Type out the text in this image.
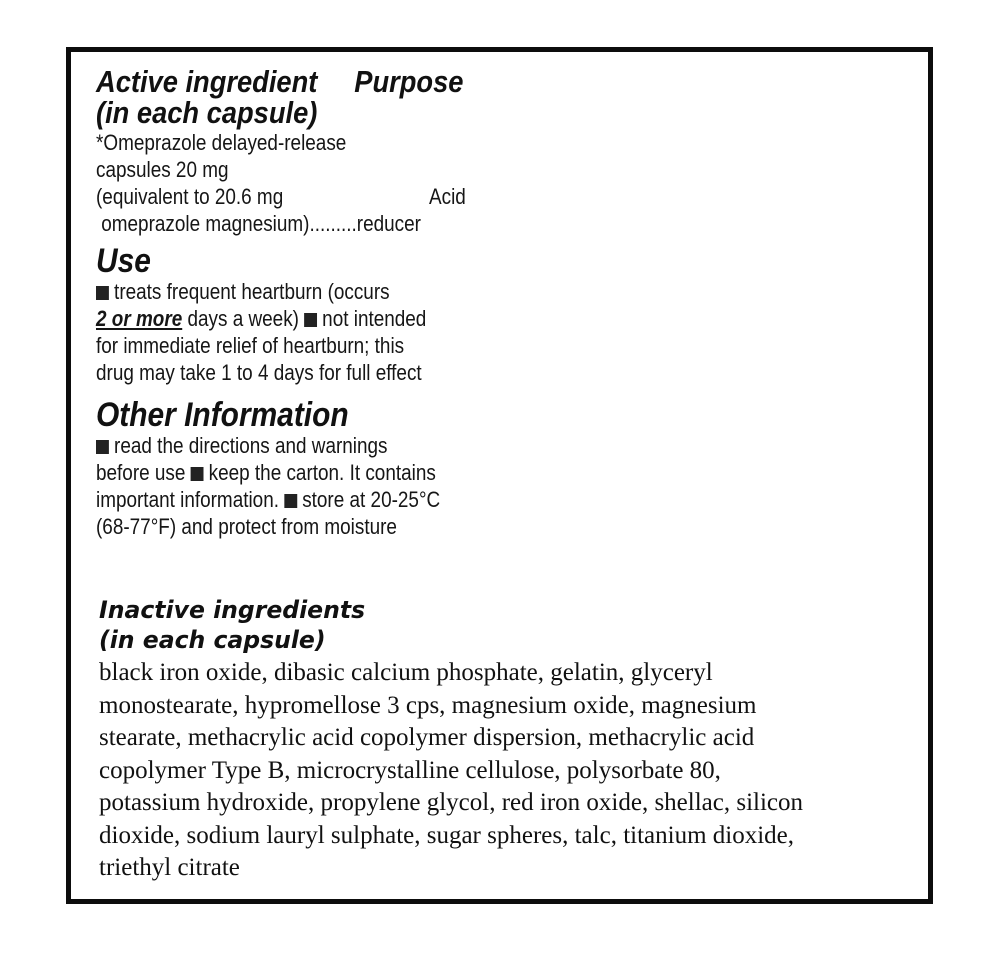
Active ingredient Purpose
(in each capsule)
*Omeprazole delayed-release
capsules 20 mg
(equivalent to 20.6 mg	Acid
omeprazole magnesium).........reducer
Use
treats frequent heartburn (occurs
2 or more days a week) not intended
for immediate relief of heartburn; this
drug may take 1 to 4 days for full effect
Other Information
read the directions and warnings
before use keep the carton. It contains
important information. store at 20-25°C
(68-77°F) and protect from moisture
Inactive ingredients
(in each capsule)
black iron oxide, dibasic calcium phosphate, gelatin, glyceryl
monostearate, hypromellose 3 cps, magnesium oxide, magnesium
stearate, methacrylic acid copolymer dispersion, methacrylic acid
copolymer Type B, microcrystalline cellulose, polysorbate 80,
potassium hydroxide, propylene glycol, red iron oxide, shellac, silicon
dioxide, sodium lauryl sulphate, sugar spheres, talc, titanium dioxide,
triethyl citrate
